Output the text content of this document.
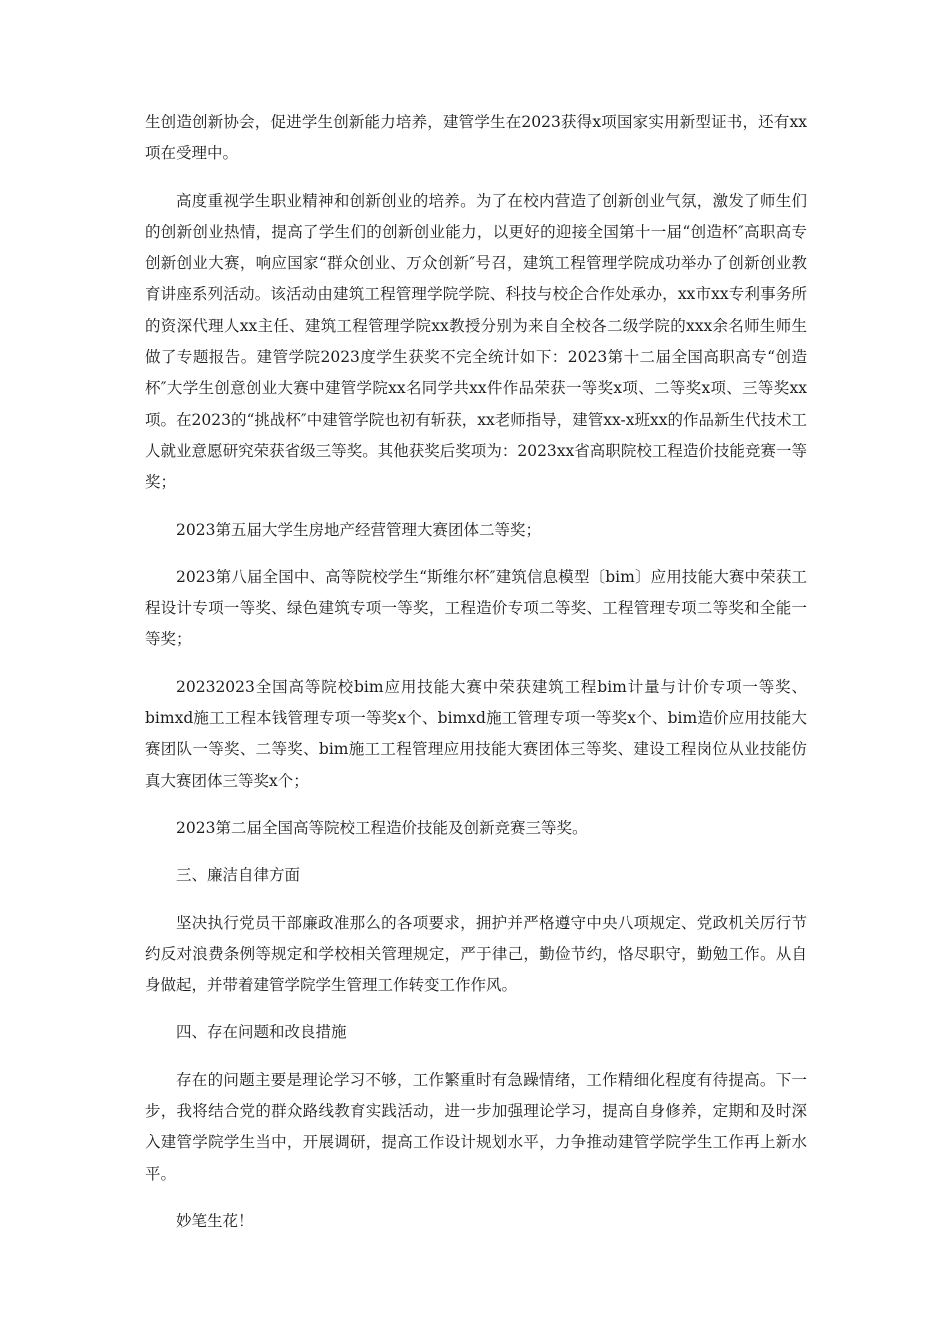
生创造创新协会，促进学生创新能力培养，建管学生在2023获得x项国家实用新型证书，还有xx项在受理中。

高度重视学生职业精神和创新创业的培养。为了在校内营造了创新创业气氛，激发了师生们的创新创业热情，提高了学生们的创新创业能力，以更好的迎接全国第十一届“创造杯″高职高专创新创业大赛，响应国家“群众创业、万众创新″号召，建筑工程管理学院成功举办了创新创业教育讲座系列活动。该活动由建筑工程管理学院学院、科技与校企合作处承办，xx市xx专利事务所的资深代理人xx主任、建筑工程管理学院xx教授分别为来自全校各二级学院的xxx余名师生师生做了专题报告。建管学院2023度学生获奖不完全统计如下：2023第十二届全国高职高专“创造杯″大学生创意创业大赛中建管学院xx名同学共xx件作品荣获一等奖x项、二等奖x项、三等奖xx项。在2023的“挑战杯″中建管学院也初有斩获，xx老师指导，建管xx-x班xx的作品新生代技术工人就业意愿研究荣获省级三等奖。其他获奖后奖项为：2023xx省高职院校工程造价技能竞赛一等奖；

2023第五届大学生房地产经营管理大赛团体二等奖；

2023第八届全国中、高等院校学生“斯维尔杯″建筑信息模型〔bim〕应用技能大赛中荣获工程设计专项一等奖、绿色建筑专项一等奖，工程造价专项二等奖、工程管理专项二等奖和全能一等奖；

20232023全国高等院校bim应用技能大赛中荣获建筑工程bim计量与计价专项一等奖、bimxd施工工程本钱管理专项一等奖x个、bimxd施工管理专项一等奖x个、bim造价应用技能大赛团队一等奖、二等奖、bim施工工程管理应用技能大赛团体三等奖、建设工程岗位从业技能仿真大赛团体三等奖x个；

2023第二届全国高等院校工程造价技能及创新竞赛三等奖。

三、廉洁自律方面

坚决执行党员干部廉政准那么的各项要求，拥护并严格遵守中央八项规定、党政机关厉行节约反对浪费条例等规定和学校相关管理规定，严于律己，勤俭节约，恪尽职守，勤勉工作。从自身做起，并带着建管学院学生管理工作转变工作作风。

四、存在问题和改良措施

存在的问题主要是理论学习不够，工作繁重时有急躁情绪，工作精细化程度有待提高。下一步，我将结合党的群众路线教育实践活动，进一步加强理论学习，提高自身修养，定期和及时深入建管学院学生当中，开展调研，提高工作设计规划水平，力争推动建管学院学生工作再上新水平。

妙笔生花！
